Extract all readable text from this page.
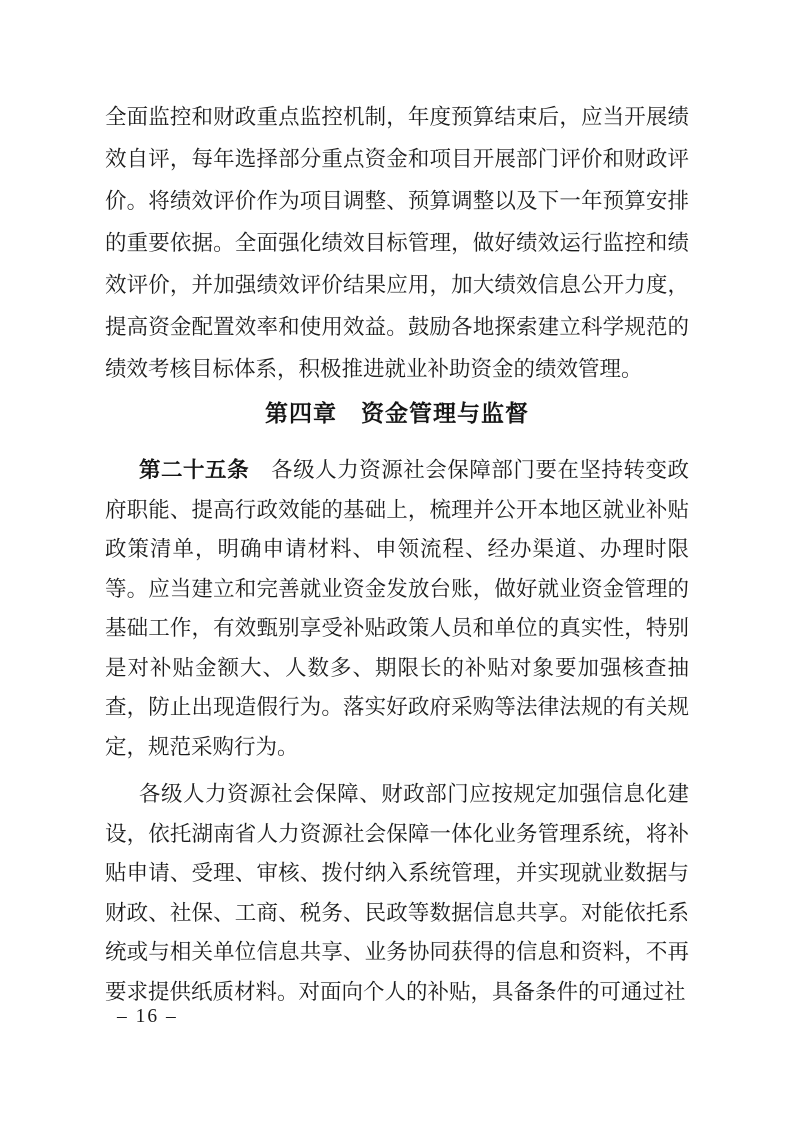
全面监控和财政重点监控机制，年度预算结束后，应当开展绩效自评，每年选择部分重点资金和项目开展部门评价和财政评价。将绩效评价作为项目调整、预算调整以及下一年预算安排的重要依据。全面强化绩效目标管理，做好绩效运行监控和绩效评价，并加强绩效评价结果应用，加大绩效信息公开力度，提高资金配置效率和使用效益。鼓励各地探索建立科学规范的绩效考核目标体系，积极推进就业补助资金的绩效管理。

第四章　资金管理与监督

第二十五条　各级人力资源社会保障部门要在坚持转变政府职能、提高行政效能的基础上，梳理并公开本地区就业补贴政策清单，明确申请材料、申领流程、经办渠道、办理时限等。应当建立和完善就业资金发放台账，做好就业资金管理的基础工作，有效甄别享受补贴政策人员和单位的真实性，特别是对补贴金额大、人数多、期限长的补贴对象要加强核查抽查，防止出现造假行为。落实好政府采购等法律法规的有关规定，规范采购行为。

各级人力资源社会保障、财政部门应按规定加强信息化建设，依托湖南省人力资源社会保障一体化业务管理系统，将补贴申请、受理、审核、拨付纳入系统管理，并实现就业数据与财政、社保、工商、税务、民政等数据信息共享。对能依托系统或与相关单位信息共享、业务协同获得的信息和资料，不再要求提供纸质材料。对面向个人的补贴，具备条件的可通过社

– 16 –
